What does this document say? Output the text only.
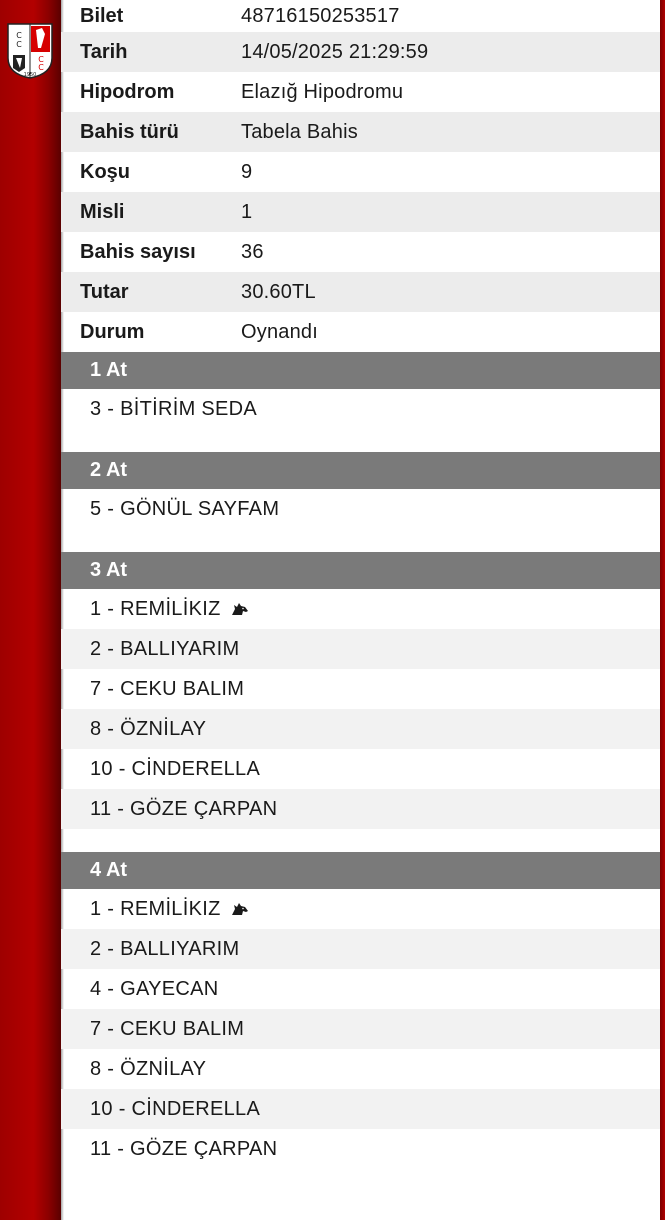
C
C
C
C
1950
Bilet	48716150253517
Tarih	14/05/2025 21:29:59
Hipodrom	Elazığ Hipodromu
Bahis türü	Tabela Bahis
Koşu	9
Misli	1
Bahis sayısı	36
Tutar	30.60TL
Durum	Oynandı
1 At
3 - BİTİRİM SEDA
2 At
5 - GÖNÜL SAYFAM
3 At
1 - REMİLİKIZ
2 - BALLIYARIM
7 - CEKU BALIM
8 - ÖZNİLAY
10 - CİNDERELLA
11 - GÖZE ÇARPAN
4 At
1 - REMİLİKIZ
2 - BALLIYARIM
4 - GAYECAN
7 - CEKU BALIM
8 - ÖZNİLAY
10 - CİNDERELLA
11 - GÖZE ÇARPAN
